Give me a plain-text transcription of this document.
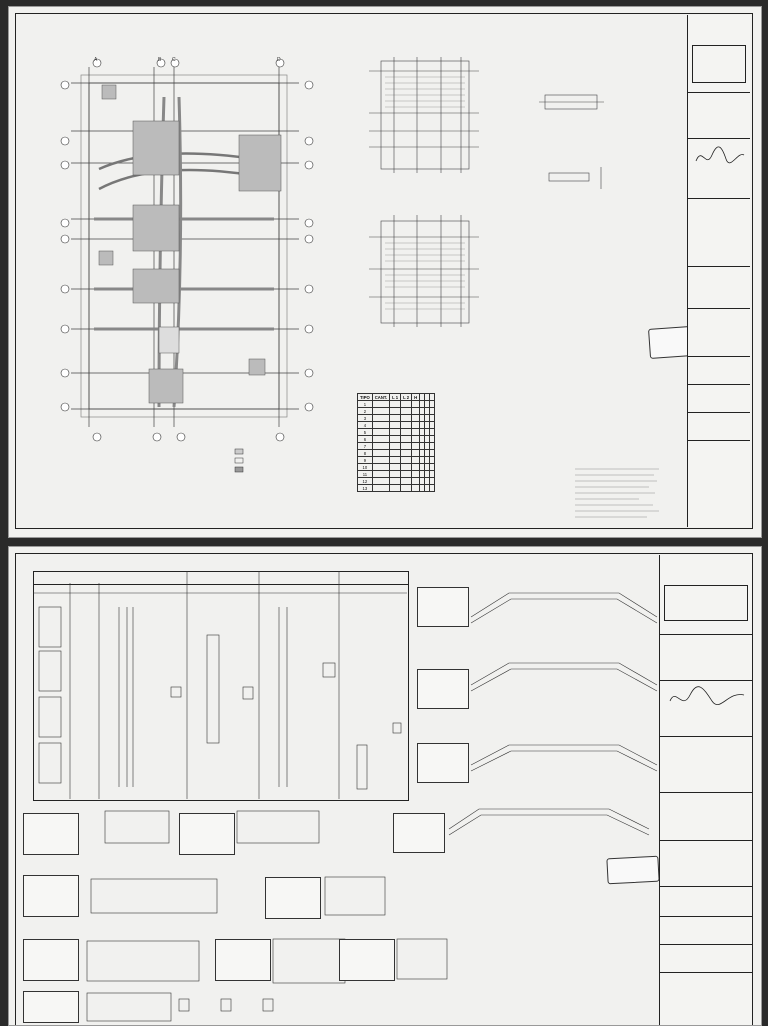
A	B C	D
TIPO	CANT.	L 1	L 2	H			
1							
2							
3							
4							
5							
6							
7							
8							
9							
10							
11							
12							
13							
